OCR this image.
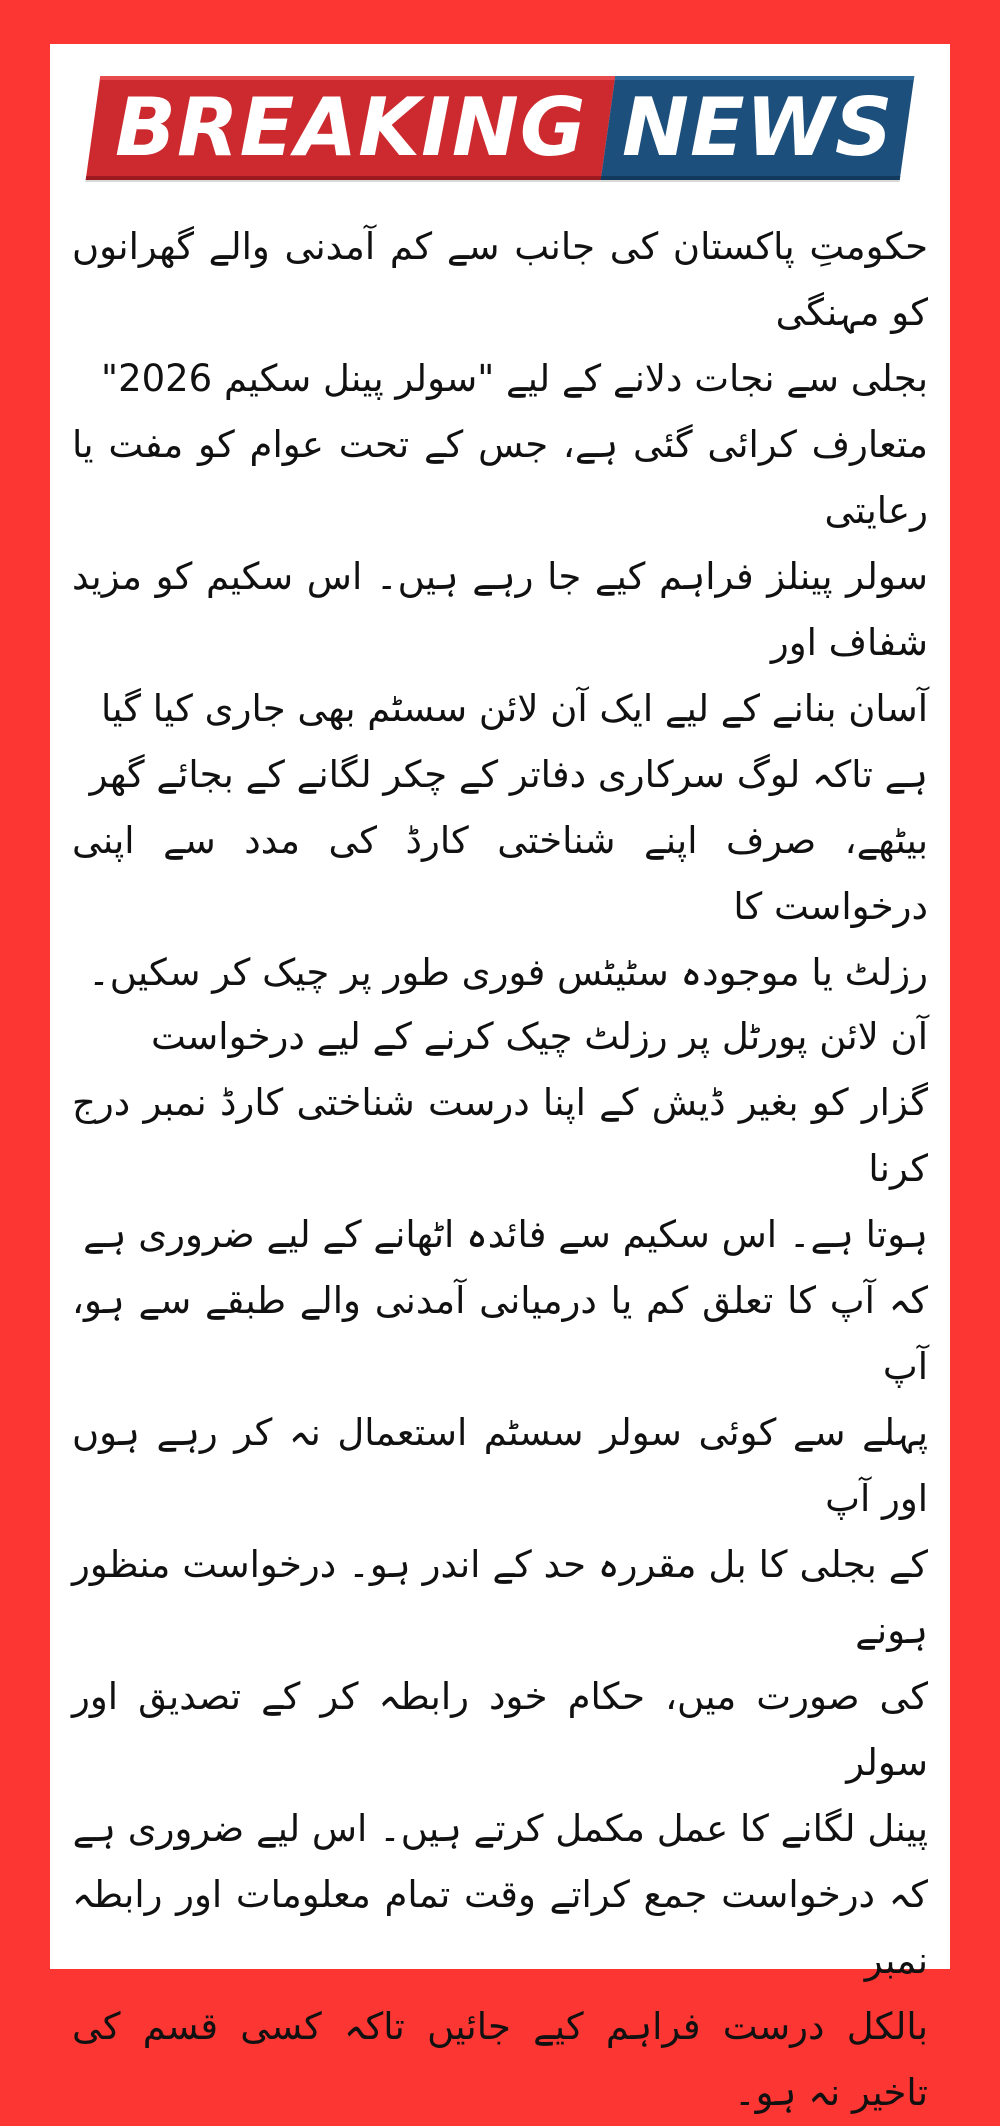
BREAKING NEWS

حکومتِ پاکستان کی جانب سے کم آمدنی والے گھرانوں کو مہنگی
بجلی سے نجات دلانے کے لیے "سولر پینل سکیم 2026"
متعارف کرائی گئی ہے، جس کے تحت عوام کو مفت یا رعایتی
سولر پینلز فراہم کیے جا رہے ہیں۔ اس سکیم کو مزید شفاف اور
آسان بنانے کے لیے ایک آن لائن سسٹم بھی جاری کیا گیا
ہے تاکہ لوگ سرکاری دفاتر کے چکر لگانے کے بجائے گھر
بیٹھے، صرف اپنے شناختی کارڈ کی مدد سے اپنی درخواست کا
رزلٹ یا موجودہ سٹیٹس فوری طور پر چیک کر سکیں۔

آن لائن پورٹل پر رزلٹ چیک کرنے کے لیے درخواست
گزار کو بغیر ڈیش کے اپنا درست شناختی کارڈ نمبر درج کرنا
ہوتا ہے۔ اس سکیم سے فائدہ اٹھانے کے لیے ضروری ہے
کہ آپ کا تعلق کم یا درمیانی آمدنی والے طبقے سے ہو، آپ
پہلے سے کوئی سولر سسٹم استعمال نہ کر رہے ہوں اور آپ
کے بجلی کا بل مقررہ حد کے اندر ہو۔ درخواست منظور ہونے
کی صورت میں، حکام خود رابطہ کر کے تصدیق اور سولر
پینل لگانے کا عمل مکمل کرتے ہیں۔ اس لیے ضروری ہے
کہ درخواست جمع کراتے وقت تمام معلومات اور رابطہ نمبر
بالکل درست فراہم کیے جائیں تاکہ کسی قسم کی تاخیر نہ ہو۔
